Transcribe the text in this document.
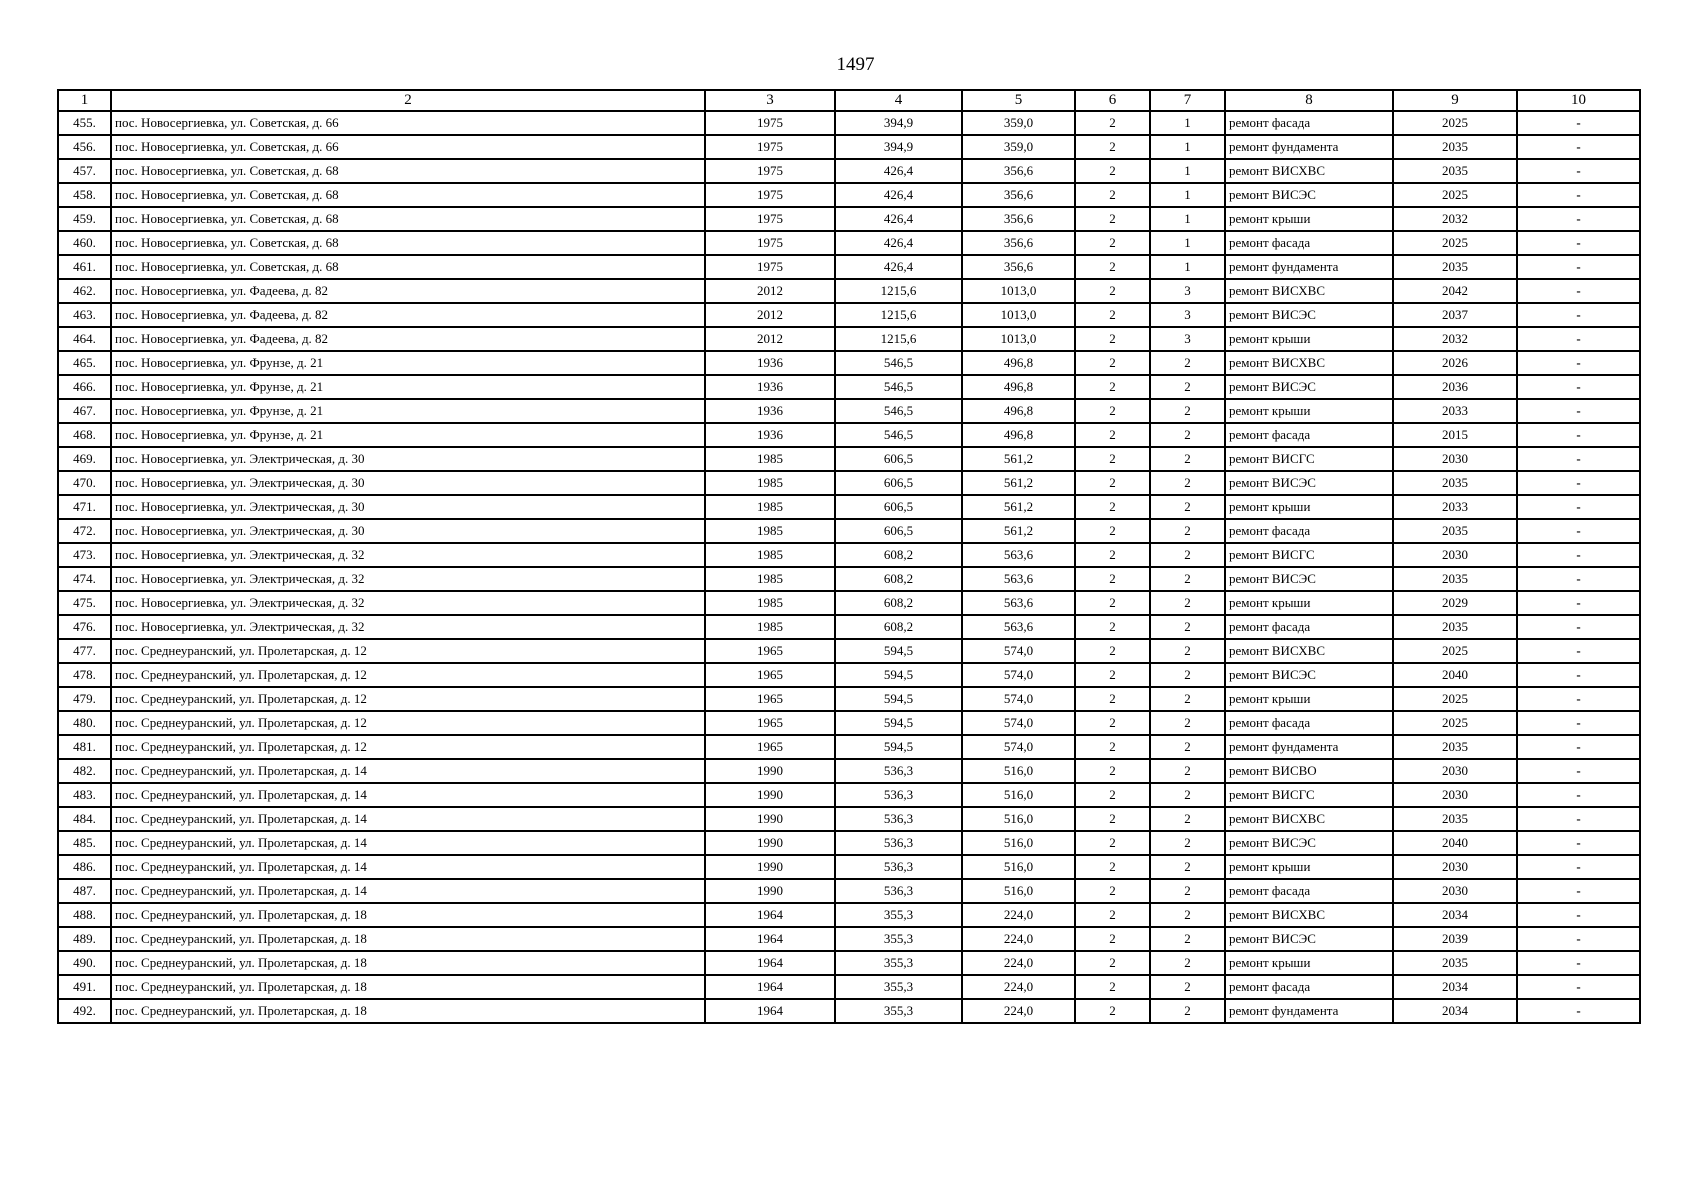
1497
1	2	3	4	5	6	7	8	9	10
455.	пос. Новосергиевка, ул. Советская, д. 66	1975	394,9	359,0	2	1	ремонт фасада	2025	-
456.	пос. Новосергиевка, ул. Советская, д. 66	1975	394,9	359,0	2	1	ремонт фундамента	2035	-
457.	пос. Новосергиевка, ул. Советская, д. 68	1975	426,4	356,6	2	1	ремонт ВИСХВС	2035	-
458.	пос. Новосергиевка, ул. Советская, д. 68	1975	426,4	356,6	2	1	ремонт ВИСЭС	2025	-
459.	пос. Новосергиевка, ул. Советская, д. 68	1975	426,4	356,6	2	1	ремонт крыши	2032	-
460.	пос. Новосергиевка, ул. Советская, д. 68	1975	426,4	356,6	2	1	ремонт фасада	2025	-
461.	пос. Новосергиевка, ул. Советская, д. 68	1975	426,4	356,6	2	1	ремонт фундамента	2035	-
462.	пос. Новосергиевка, ул. Фадеева, д. 82	2012	1215,6	1013,0	2	3	ремонт ВИСХВС	2042	-
463.	пос. Новосергиевка, ул. Фадеева, д. 82	2012	1215,6	1013,0	2	3	ремонт ВИСЭС	2037	-
464.	пос. Новосергиевка, ул. Фадеева, д. 82	2012	1215,6	1013,0	2	3	ремонт крыши	2032	-
465.	пос. Новосергиевка, ул. Фрунзе, д. 21	1936	546,5	496,8	2	2	ремонт ВИСХВС	2026	-
466.	пос. Новосергиевка, ул. Фрунзе, д. 21	1936	546,5	496,8	2	2	ремонт ВИСЭС	2036	-
467.	пос. Новосергиевка, ул. Фрунзе, д. 21	1936	546,5	496,8	2	2	ремонт крыши	2033	-
468.	пос. Новосергиевка, ул. Фрунзе, д. 21	1936	546,5	496,8	2	2	ремонт фасада	2015	-
469.	пос. Новосергиевка, ул. Электрическая, д. 30	1985	606,5	561,2	2	2	ремонт ВИСГС	2030	-
470.	пос. Новосергиевка, ул. Электрическая, д. 30	1985	606,5	561,2	2	2	ремонт ВИСЭС	2035	-
471.	пос. Новосергиевка, ул. Электрическая, д. 30	1985	606,5	561,2	2	2	ремонт крыши	2033	-
472.	пос. Новосергиевка, ул. Электрическая, д. 30	1985	606,5	561,2	2	2	ремонт фасада	2035	-
473.	пос. Новосергиевка, ул. Электрическая, д. 32	1985	608,2	563,6	2	2	ремонт ВИСГС	2030	-
474.	пос. Новосергиевка, ул. Электрическая, д. 32	1985	608,2	563,6	2	2	ремонт ВИСЭС	2035	-
475.	пос. Новосергиевка, ул. Электрическая, д. 32	1985	608,2	563,6	2	2	ремонт крыши	2029	-
476.	пос. Новосергиевка, ул. Электрическая, д. 32	1985	608,2	563,6	2	2	ремонт фасада	2035	-
477.	пос. Среднеуранский, ул. Пролетарская, д. 12	1965	594,5	574,0	2	2	ремонт ВИСХВС	2025	-
478.	пос. Среднеуранский, ул. Пролетарская, д. 12	1965	594,5	574,0	2	2	ремонт ВИСЭС	2040	-
479.	пос. Среднеуранский, ул. Пролетарская, д. 12	1965	594,5	574,0	2	2	ремонт крыши	2025	-
480.	пос. Среднеуранский, ул. Пролетарская, д. 12	1965	594,5	574,0	2	2	ремонт фасада	2025	-
481.	пос. Среднеуранский, ул. Пролетарская, д. 12	1965	594,5	574,0	2	2	ремонт фундамента	2035	-
482.	пос. Среднеуранский, ул. Пролетарская, д. 14	1990	536,3	516,0	2	2	ремонт ВИСВО	2030	-
483.	пос. Среднеуранский, ул. Пролетарская, д. 14	1990	536,3	516,0	2	2	ремонт ВИСГС	2030	-
484.	пос. Среднеуранский, ул. Пролетарская, д. 14	1990	536,3	516,0	2	2	ремонт ВИСХВС	2035	-
485.	пос. Среднеуранский, ул. Пролетарская, д. 14	1990	536,3	516,0	2	2	ремонт ВИСЭС	2040	-
486.	пос. Среднеуранский, ул. Пролетарская, д. 14	1990	536,3	516,0	2	2	ремонт крыши	2030	-
487.	пос. Среднеуранский, ул. Пролетарская, д. 14	1990	536,3	516,0	2	2	ремонт фасада	2030	-
488.	пос. Среднеуранский, ул. Пролетарская, д. 18	1964	355,3	224,0	2	2	ремонт ВИСХВС	2034	-
489.	пос. Среднеуранский, ул. Пролетарская, д. 18	1964	355,3	224,0	2	2	ремонт ВИСЭС	2039	-
490.	пос. Среднеуранский, ул. Пролетарская, д. 18	1964	355,3	224,0	2	2	ремонт крыши	2035	-
491.	пос. Среднеуранский, ул. Пролетарская, д. 18	1964	355,3	224,0	2	2	ремонт фасада	2034	-
492.	пос. Среднеуранский, ул. Пролетарская, д. 18	1964	355,3	224,0	2	2	ремонт фундамента	2034	-
